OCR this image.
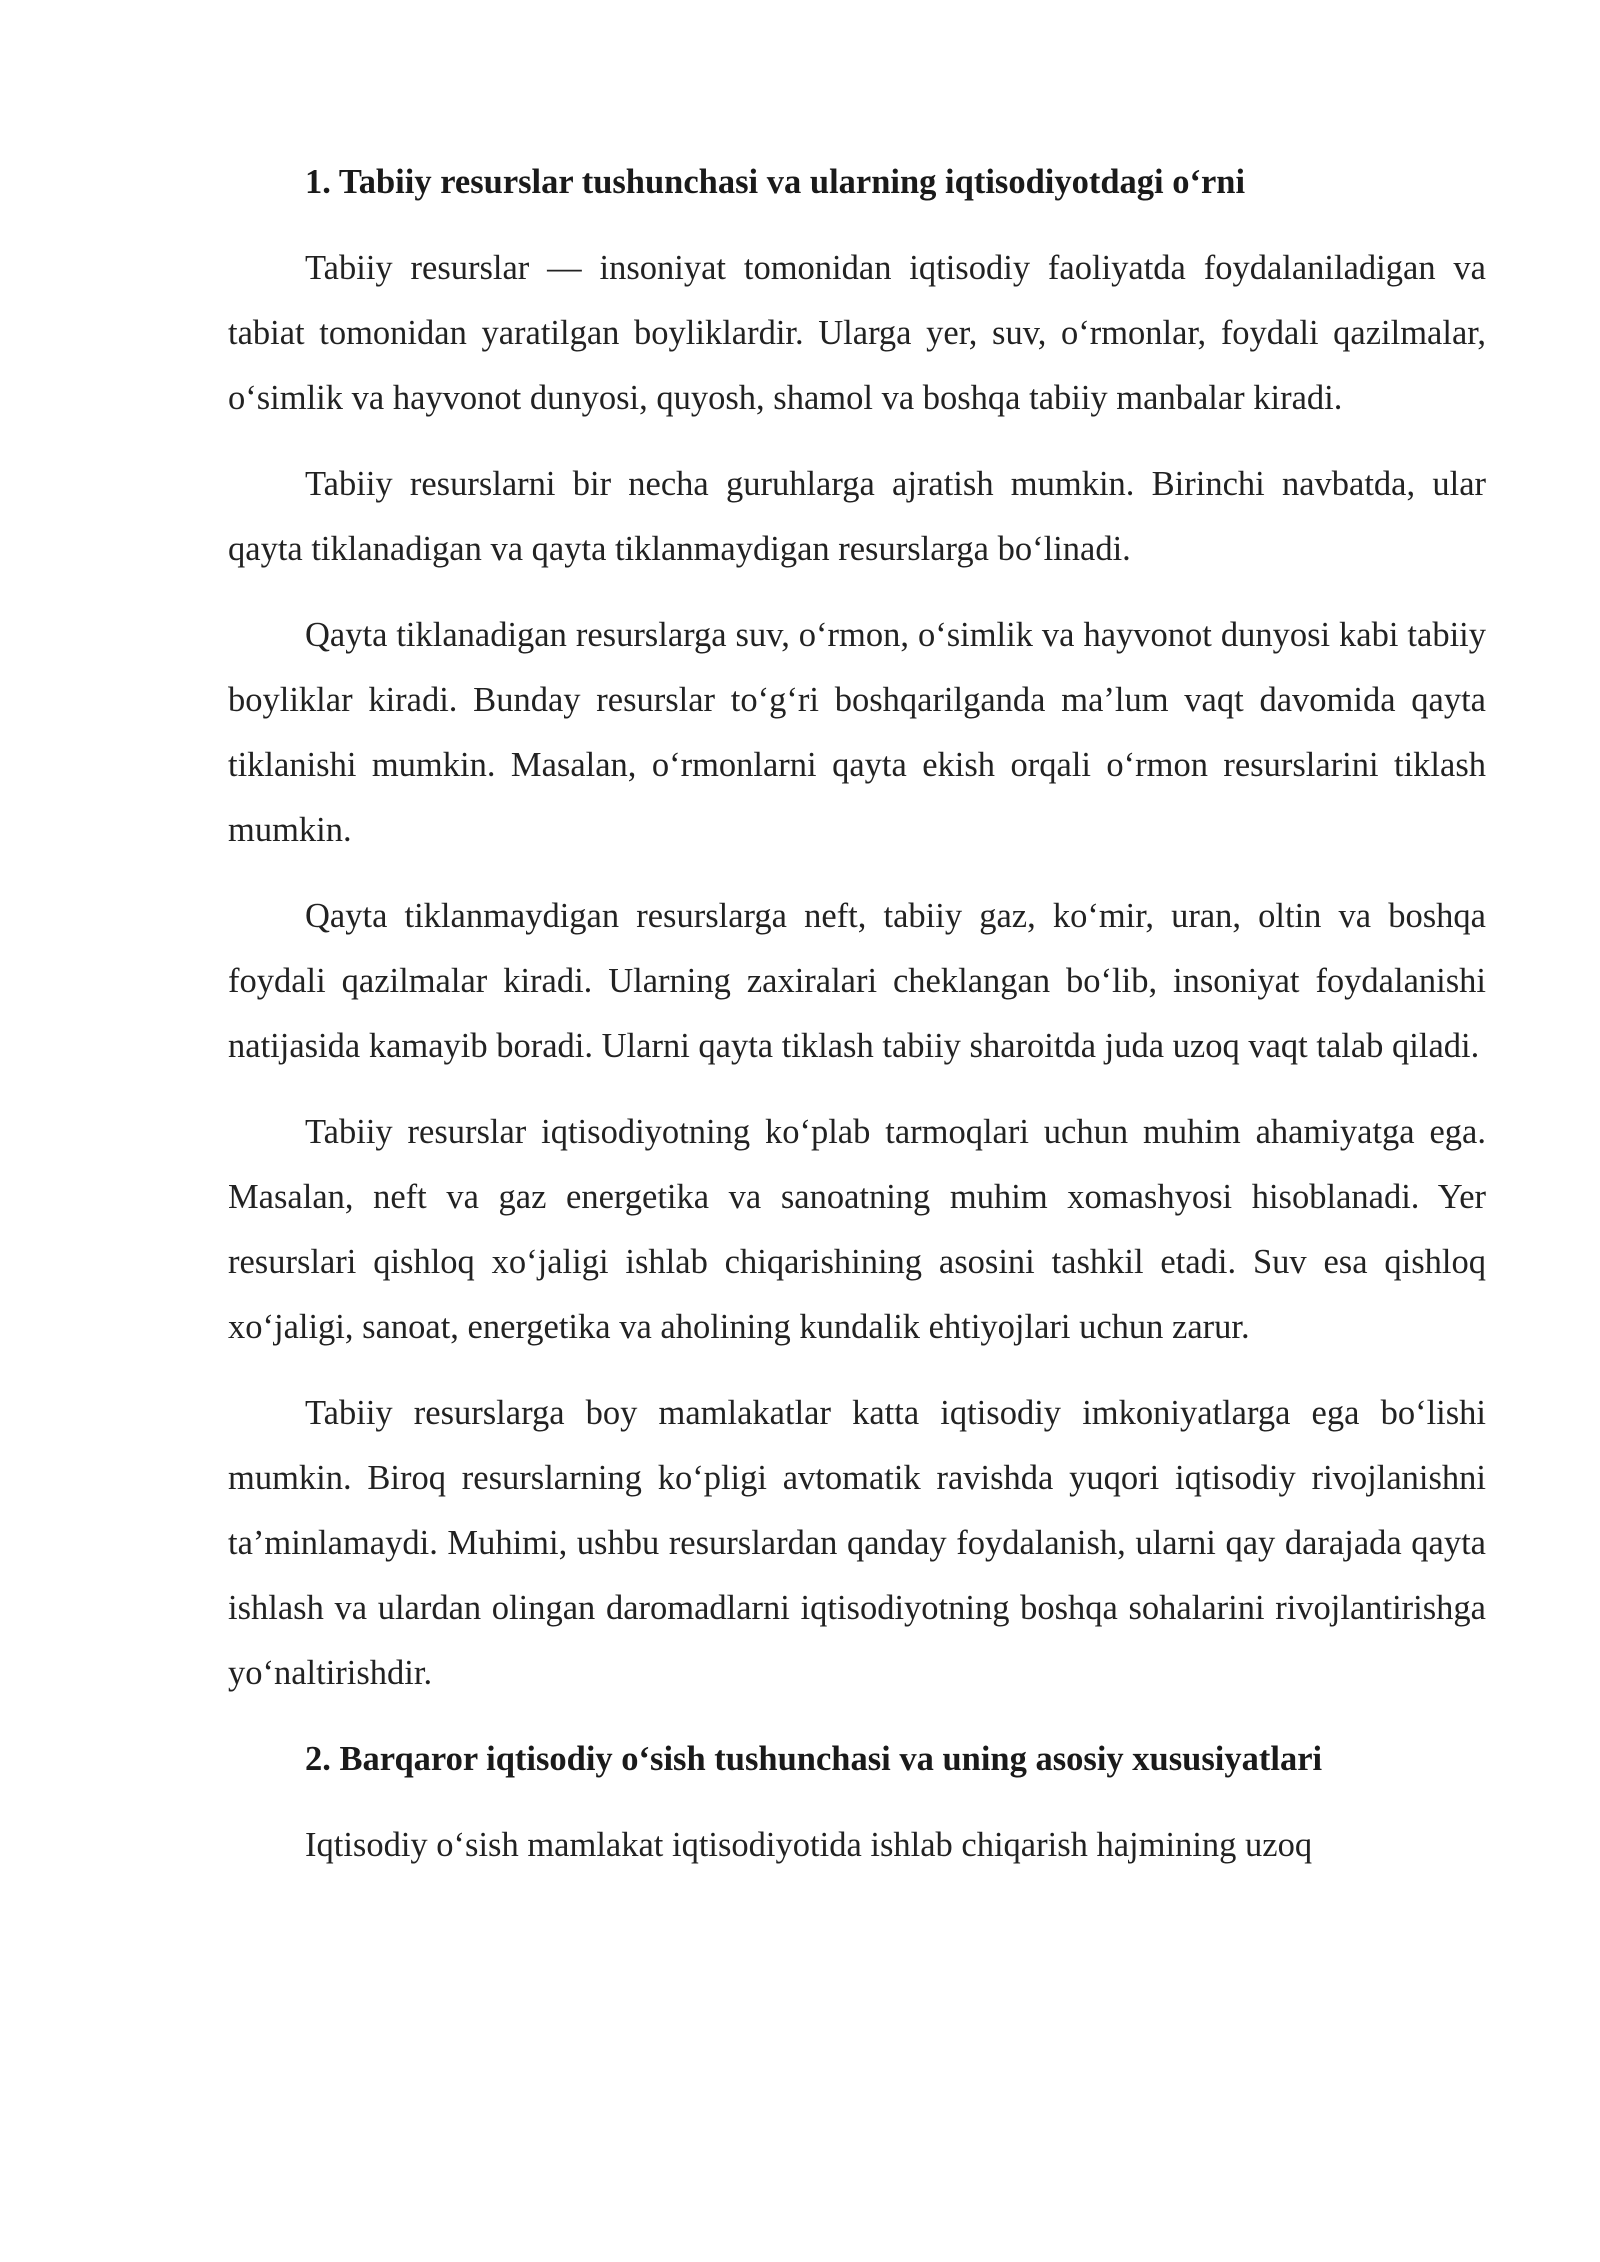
1. Tabiiy resurslar tushunchasi va ularning iqtisodiyotdagi o‘rni

Tabiiy resurslar — insoniyat tomonidan iqtisodiy faoliyatda foydalaniladigan va tabiat tomonidan yaratilgan boyliklardir. Ularga yer, suv, o‘rmonlar, foydali qazilmalar, o‘simlik va hayvonot dunyosi, quyosh, shamol va boshqa tabiiy manbalar kiradi.

Tabiiy resurslarni bir necha guruhlarga ajratish mumkin. Birinchi navbatda, ular qayta tiklanadigan va qayta tiklanmaydigan resurslarga bo‘linadi.

Qayta tiklanadigan resurslarga suv, o‘rmon, o‘simlik va hayvonot dunyosi kabi tabiiy boyliklar kiradi. Bunday resurslar to‘g‘ri boshqarilganda ma’lum vaqt davomida qayta tiklanishi mumkin. Masalan, o‘rmonlarni qayta ekish orqali o‘rmon resurslarini tiklash mumkin.

Qayta tiklanmaydigan resurslarga neft, tabiiy gaz, ko‘mir, uran, oltin va boshqa foydali qazilmalar kiradi. Ularning zaxiralari cheklangan bo‘lib, insoniyat foydalanishi natijasida kamayib boradi. Ularni qayta tiklash tabiiy sharoitda juda uzoq vaqt talab qiladi.

Tabiiy resurslar iqtisodiyotning ko‘plab tarmoqlari uchun muhim ahamiyatga ega. Masalan, neft va gaz energetika va sanoatning muhim xomashyosi hisoblanadi. Yer resurslari qishloq xo‘jaligi ishlab chiqarishining asosini tashkil etadi. Suv esa qishloq xo‘jaligi, sanoat, energetika va aholining kundalik ehtiyojlari uchun zarur.

Tabiiy resurslarga boy mamlakatlar katta iqtisodiy imkoniyatlarga ega bo‘lishi mumkin. Biroq resurslarning ko‘pligi avtomatik ravishda yuqori iqtisodiy rivojlanishni ta’minlamaydi. Muhimi, ushbu resurslardan qanday foydalanish, ularni qay darajada qayta ishlash va ulardan olingan daromadlarni iqtisodiyotning boshqa sohalarini rivojlantirishga yo‘naltirishdir.

2. Barqaror iqtisodiy o‘sish tushunchasi va uning asosiy xususiyatlari

Iqtisodiy o‘sish mamlakat iqtisodiyotida ishlab chiqarish hajmining uzoq
